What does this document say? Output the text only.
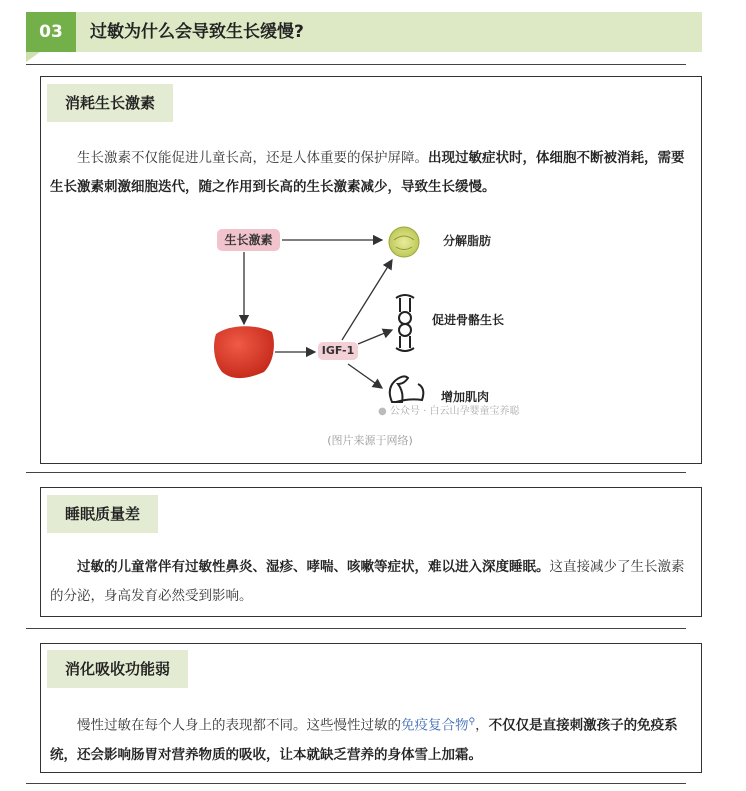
03	过敏为什么会导致生长缓慢?
消耗生长激素
生长激素不仅能促进儿童长高，还是人体重要的保护屏障。出现过敏症状时，体细胞不断被消耗，需要生长激素刺激细胞迭代，随之作用到长高的生长激素减少，导致生长缓慢。
生长激素
IGF-1
分解脂肪
促进骨骼生长
增加肌肉
● 公众号 · 白云山孕婴童宝养聪
(图片来源于网络)
睡眠质量差
过敏的儿童常伴有过敏性鼻炎、湿疹、哮喘、咳嗽等症状，难以进入深度睡眠。这直接减少了生长激素的分泌，身高发育必然受到影响。
消化吸收功能弱
慢性过敏在每个人身上的表现都不同。这些慢性过敏的免疫复合物⚲，不仅仅是直接刺激孩子的免疫系统，还会影响肠胃对营养物质的吸收，让本就缺乏营养的身体雪上加霜。
